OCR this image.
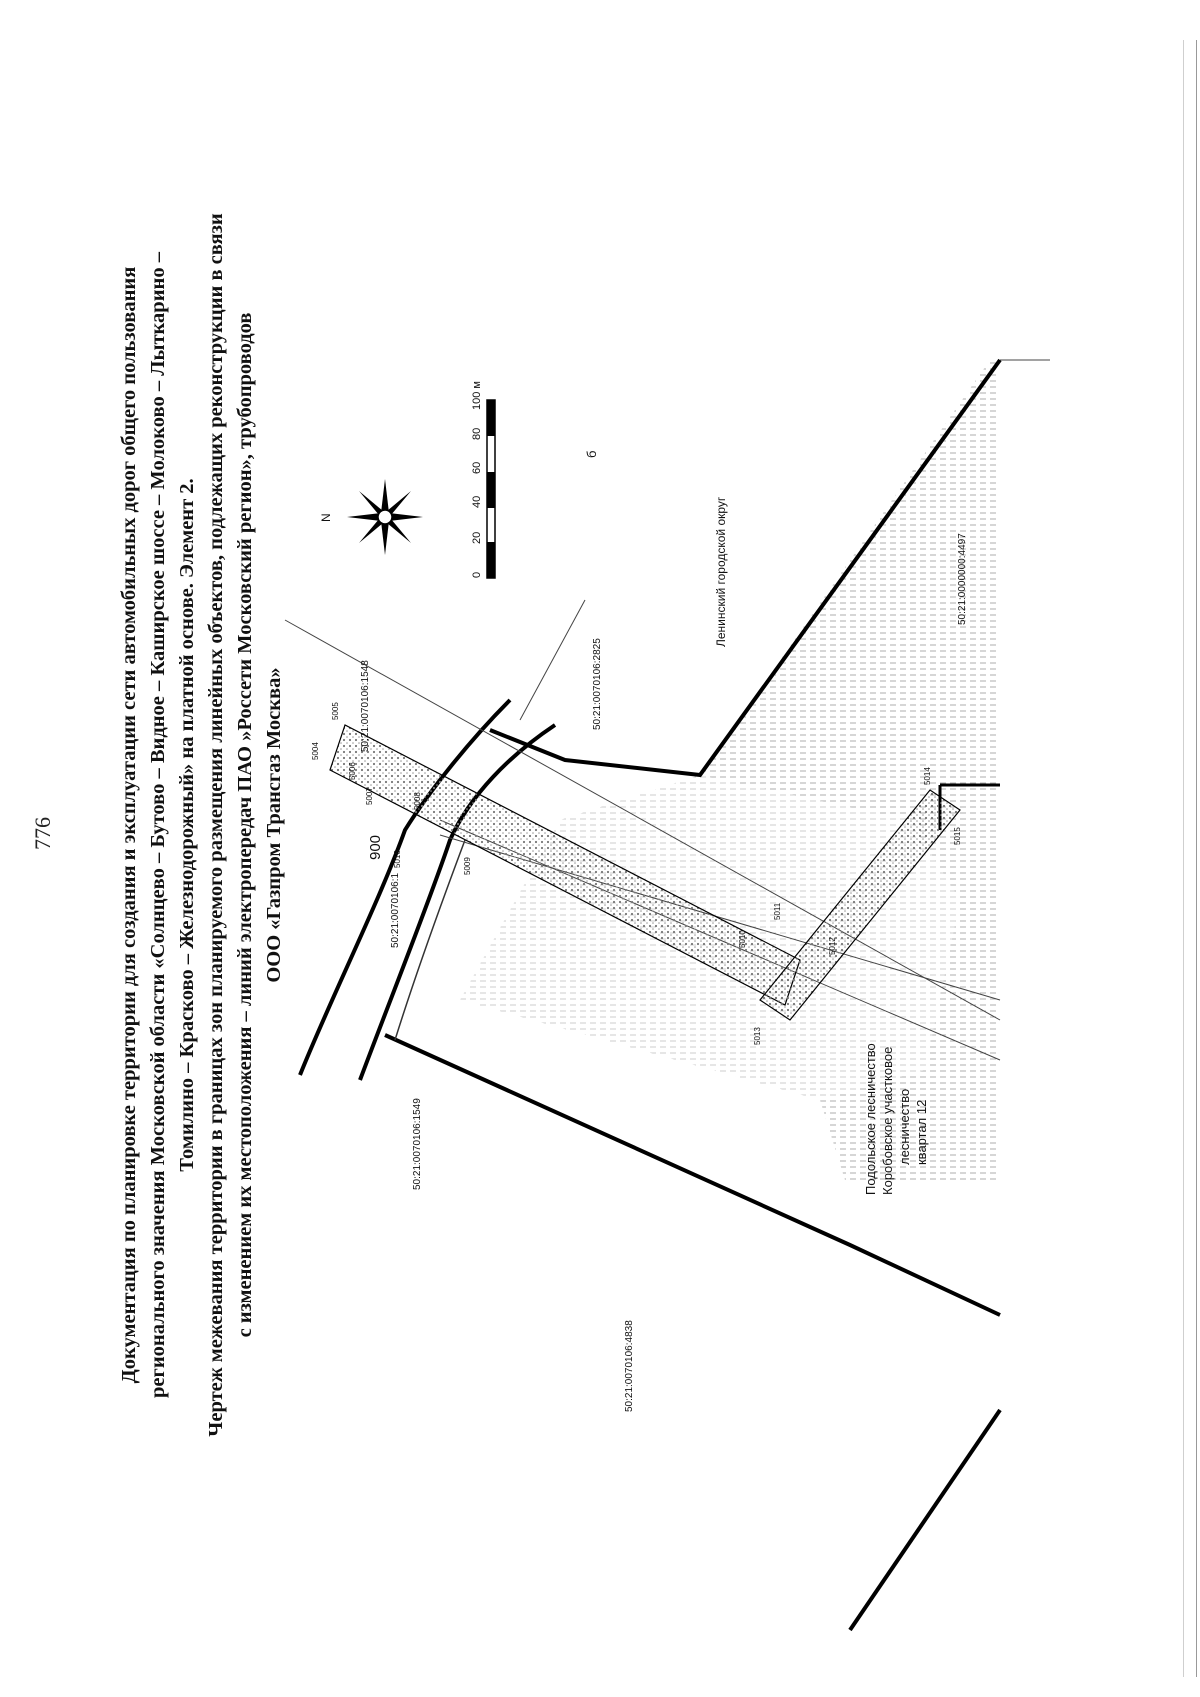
776	Документация по планировке территории для создания и эксплуатации сети автомобильных дорог общего пользования регионального значения Московской области «Солнцево – Бутово – Видное – Каширское шоссе – Молоково – Лыткарино – Томилино – Красково – Железнодорожный» на платной основе. Элемент 2. Чертеж межевания территории в границах зон планируемого размещения линейных объектов, подлежащих реконструкции в связи с изменением их местоположения – линий электропередач ПАО »Россети Московский регион», трубопроводов ООО «Газпром Трансгаз Москва»
N
0
20
40
60
80
100 м
б
Ленинский городской округ	50:21:0000000:4497
50:21:0070106:2825
50:21:0070106:1548
50:21:0070106:1
50:21:0070106:1549
50:21:0070106:4838
900
Подольское лесничество Коробовское участковое лесничество квартал 12
5004
5005
5006
5007	5008
5009
5010
5011
5012
5013
5014
5015
5016
